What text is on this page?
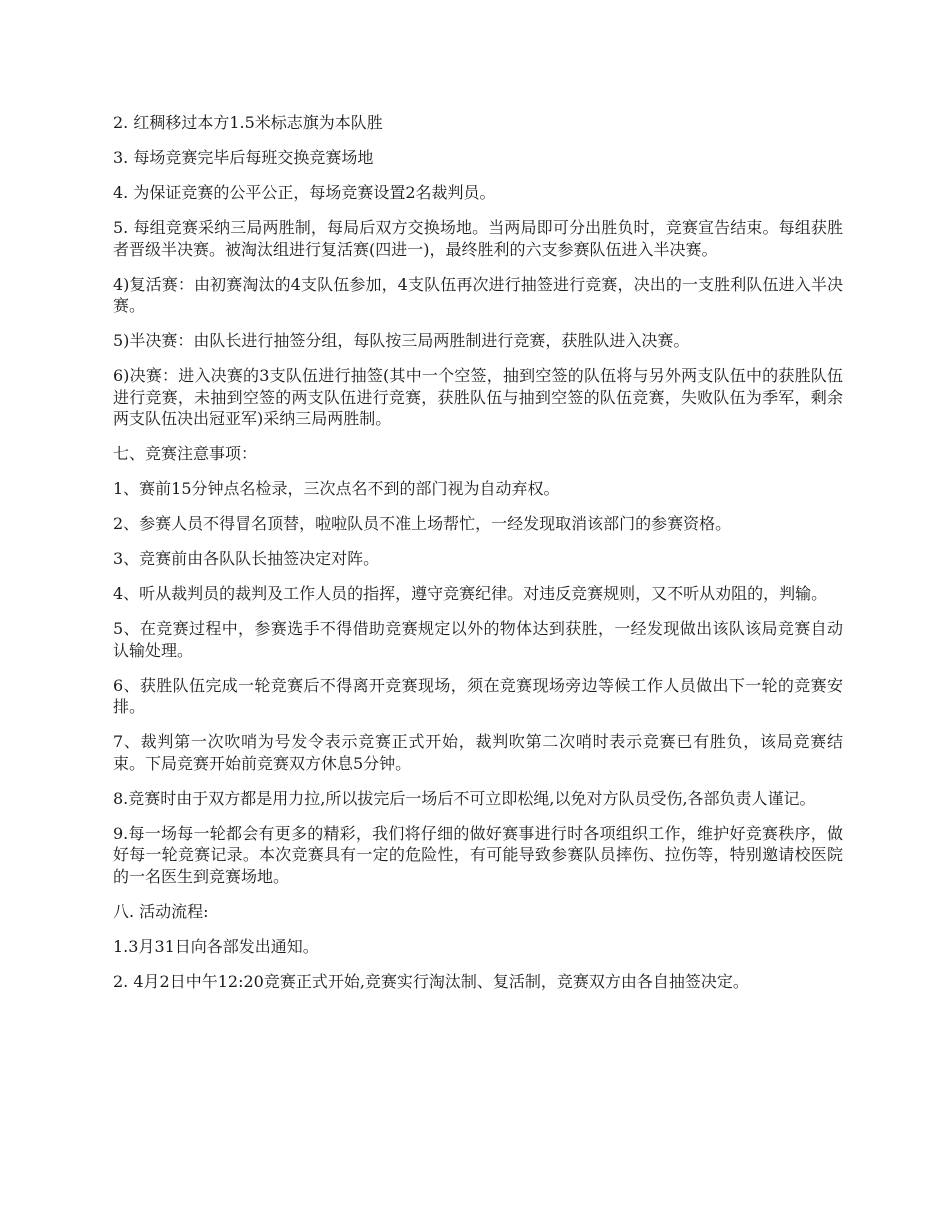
2. 红稠移过本方1.5米标志旗为本队胜

3. 每场竞赛完毕后每班交换竞赛场地

4. 为保证竞赛的公平公正，每场竞赛设置2名裁判员。

5. 每组竞赛采纳三局两胜制，每局后双方交换场地。当两局即可分出胜负时，竞赛宣告结束。每组获胜者晋级半决赛。被淘汰组进行复活赛(四进一)，最终胜利的六支参赛队伍进入半决赛。

4)复活赛：由初赛淘汰的4支队伍参加，4支队伍再次进行抽签进行竞赛，决出的一支胜利队伍进入半决赛。

5)半决赛：由队长进行抽签分组，每队按三局两胜制进行竞赛，获胜队进入决赛。

6)决赛：进入决赛的3支队伍进行抽签(其中一个空签，抽到空签的队伍将与另外两支队伍中的获胜队伍进行竞赛，未抽到空签的两支队伍进行竞赛，获胜队伍与抽到空签的队伍竞赛，失败队伍为季军，剩余两支队伍决出冠亚军)采纳三局两胜制。

七、竞赛注意事项：

1、赛前15分钟点名检录，三次点名不到的部门视为自动弃权。

2、参赛人员不得冒名顶替，啦啦队员不准上场帮忙，一经发现取消该部门的参赛资格。

3、竞赛前由各队队长抽签决定对阵。

4、听从裁判员的裁判及工作人员的指挥，遵守竞赛纪律。对违反竞赛规则，又不听从劝阻的，判输。

5、在竞赛过程中，参赛选手不得借助竞赛规定以外的物体达到获胜，一经发现做出该队该局竞赛自动认输处理。

6、获胜队伍完成一轮竞赛后不得离开竞赛现场，须在竞赛现场旁边等候工作人员做出下一轮的竞赛安排。

7、裁判第一次吹哨为号发令表示竞赛正式开始，裁判吹第二次哨时表示竞赛已有胜负，该局竞赛结束。下局竞赛开始前竞赛双方休息5分钟。

8.竞赛时由于双方都是用力拉,所以拔完后一场后不可立即松绳,以免对方队员受伤,各部负责人谨记。

9.每一场每一轮都会有更多的精彩，我们将仔细的做好赛事进行时各项组织工作，维护好竞赛秩序，做好每一轮竞赛记录。本次竞赛具有一定的危险性，有可能导致参赛队员摔伤、拉伤等，特别邀请校医院的一名医生到竞赛场地。

八. 活动流程:

1.3月31日向各部发出通知。

2. 4月2日中午12:20竞赛正式开始,竞赛实行淘汰制、复活制，竞赛双方由各自抽签决定。
